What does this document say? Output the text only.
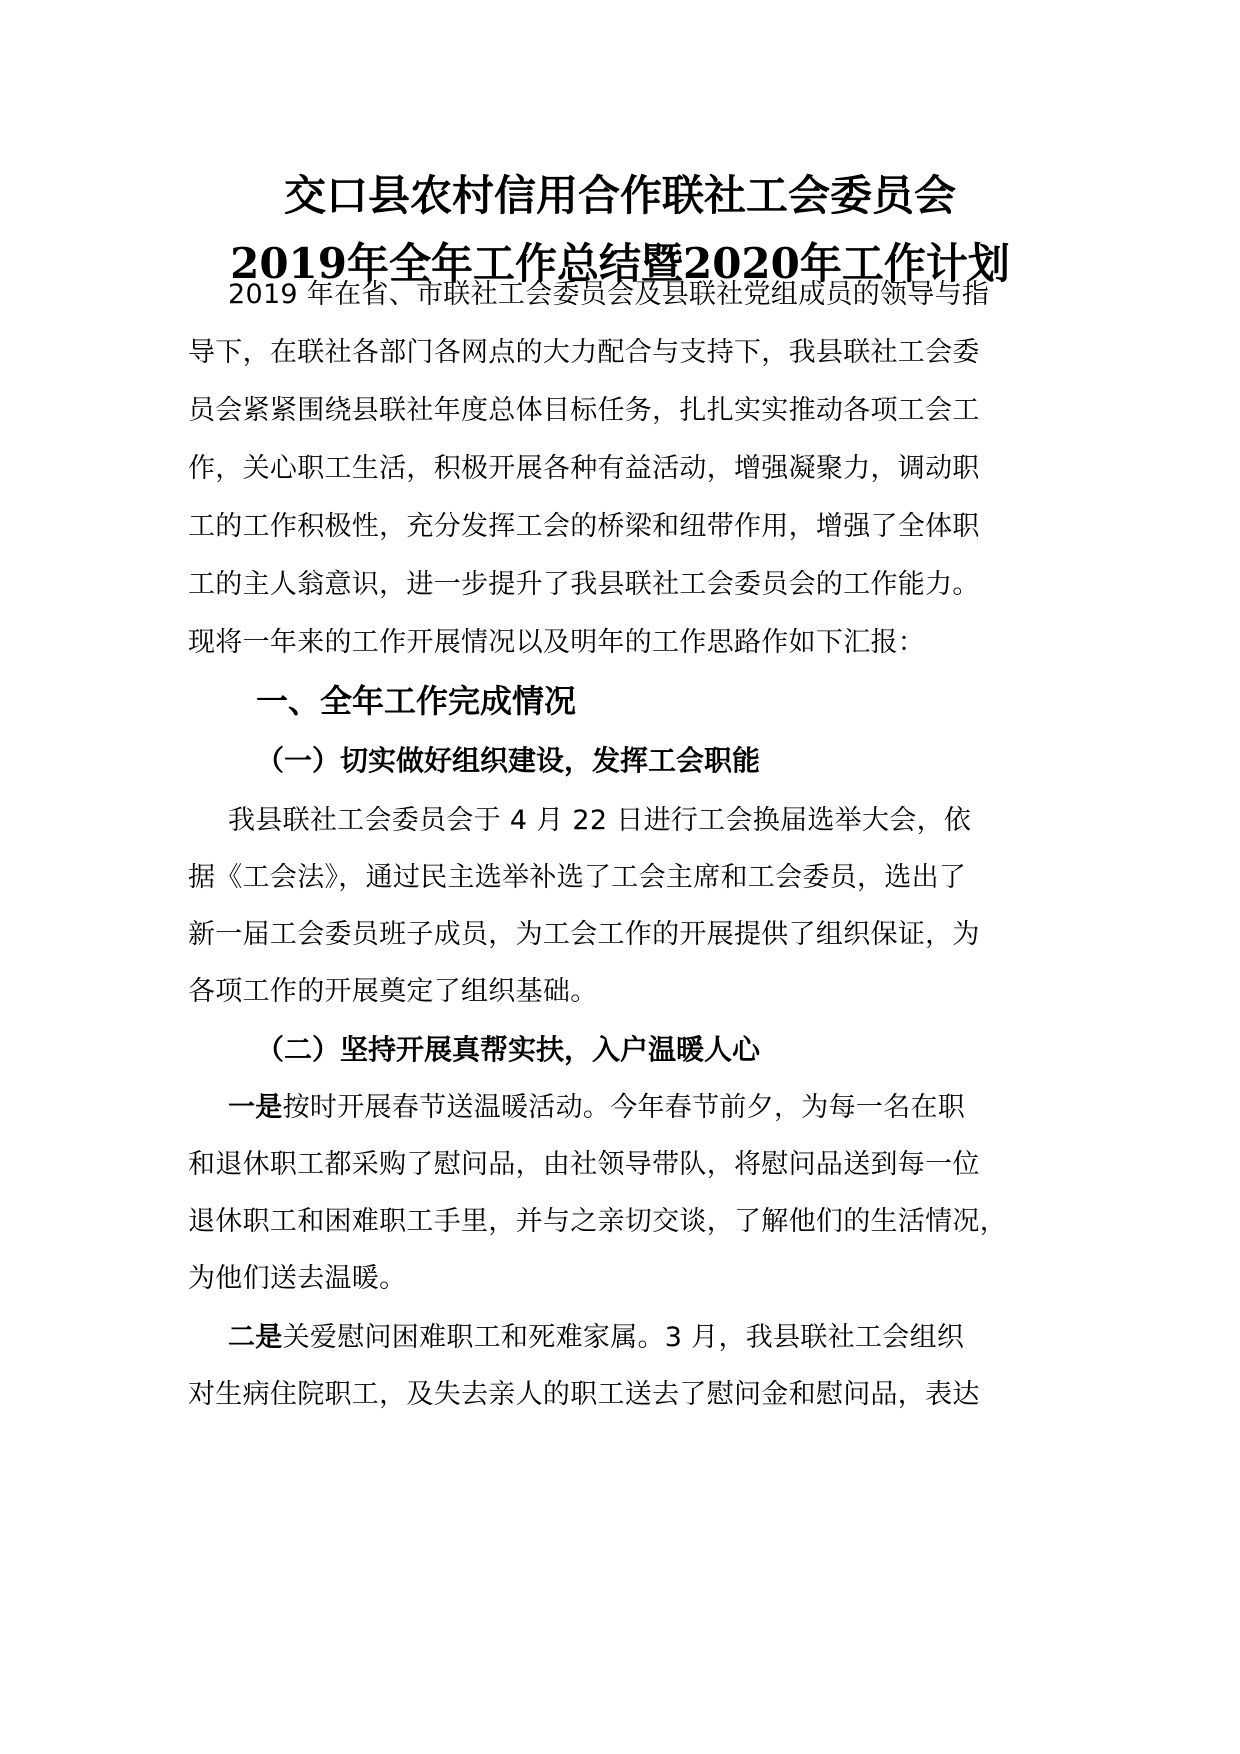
交口县农村信用合作联社工会委员会
2019年全年工作总结暨2020年工作计划
2019 年在省、市联社工会委员会及县联社党组成员的领导与指
导下，在联社各部门各网点的大力配合与支持下，我县联社工会委
员会紧紧围绕县联社年度总体目标任务，扎扎实实推动各项工会工
作，关心职工生活，积极开展各种有益活动，增强凝聚力，调动职
工的工作积极性，充分发挥工会的桥梁和纽带作用，增强了全体职
工的主人翁意识，进一步提升了我县联社工会委员会的工作能力。
现将一年来的工作开展情况以及明年的工作思路作如下汇报：
一、全年工作完成情况
（一）切实做好组织建设，发挥工会职能
我县联社工会委员会于 4 月 22 日进行工会换届选举大会，依
据《工会法》，通过民主选举补选了工会主席和工会委员，选出了
新一届工会委员班子成员，为工会工作的开展提供了组织保证，为
各项工作的开展奠定了组织基础。
（二）坚持开展真帮实扶，入户温暖人心
一是按时开展春节送温暖活动。今年春节前夕，为每一名在职
和退休职工都采购了慰问品，由社领导带队，将慰问品送到每一位
退休职工和困难职工手里，并与之亲切交谈，了解他们的生活情况，
为他们送去温暖。
二是关爱慰问困难职工和死难家属。3 月，我县联社工会组织
对生病住院职工，及失去亲人的职工送去了慰问金和慰问品，表达
